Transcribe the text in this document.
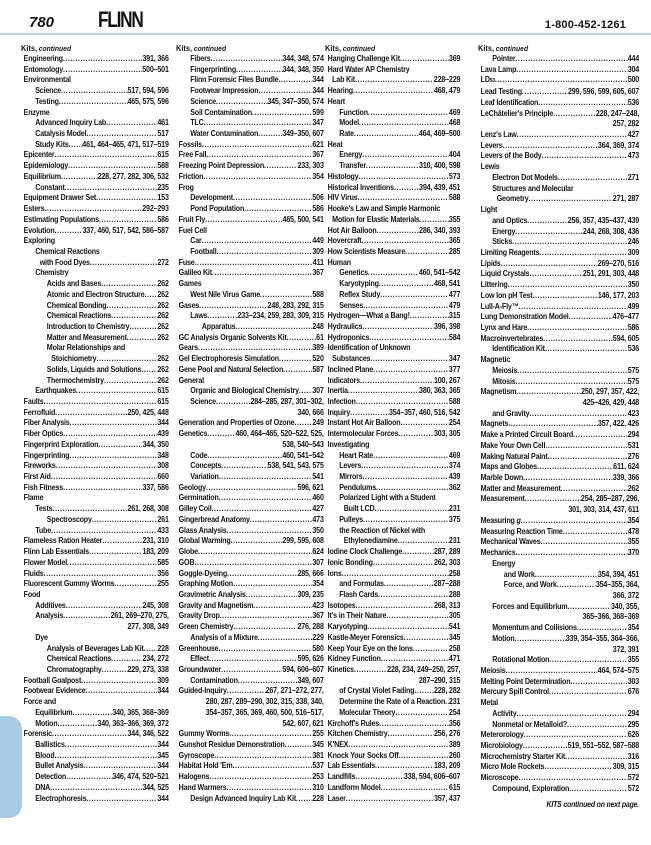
780 FLINN	1-800-452-1261
Kits, continued
Engineering .....	391, 366
Entomology .....	500–501
Environmental
Science .....	517, 594, 596
Testing .....	465, 575, 596
Enzyme
Advanced Inquiry Lab .....	461
Catalysis Model .....	517
Study Kits ..... 461, 464–465, 471, 517–519
Epicenter .....	615
Epidemiology .....	588
Equilibrium .....	228, 277, 282, 306, 532
Constant .....	235
Equipment Drawer Set .....	153
Esters .....	292–293
Estimating Populations .....	586
Evolution .....	337, 460, 517, 542, 586–587
Exploring
Chemical Reactions
with Food Dyes .....	272
Chemistry
Acids and Bases .....	262
Atomic and Electron Structure ..... 262
Chemical Bonding .....	262
Chemical Reactions .....	262
Introduction to Chemistry .....	262
Matter and Measurement .....	262
Molar Relationships and
Stoichiometry .....	262
Solids, Liquids and Solutions ..... 262
Thermochemistry .....	262
Earthquakes .....	615
Faults .....	615
Ferrofluid .....	250, 425, 448
Fiber Analysis .....	344
Fiber Optics .....	439
Fingerprint Exploration .....	344, 350
Fingerprinting .....	348
Fireworks .....	308
First Aid .....	660
Fish Fitness .....	337, 586
Flame
Tests .....	261, 268, 308
Spectroscopy .....	261
Tube .....	433
Flameless Ration Heater .....	231, 310
Flinn Lab Essentials .....	183, 209
Flower Model .....	585
Fluids .....	356
Fluorescent Gummy Worms .....	255
Food
Additives .....	245, 308
Analysis .....	261, 269–270, 275,
277, 308, 349
Dye
Analysis of Beverages Lab Kit ..... 228
Chemical Reactions .....	234, 272
Chromatography .....	229, 273, 338
Football Goalpost .....	309
Footwear Evidence .....	344
Force and
Equilibrium .....	340, 365, 368–369
Motion .....	340, 363–366, 369, 372
Forensic .....	344, 346, 522
Ballistics .....	344
Blood .....	345
Bullet Analysis .....	344
Detection .....	346, 474, 520–521
DNA .....	344, 525
Electrophoresis .....	344
Kits, continued
Fibers .....	344, 348, 574
Fingerprinting .....	344, 348, 350
Flinn Forensic Files Bundle .....	344
Footwear Impression .....	344
Science .....	345, 347–350, 574
Soil Contamination .....	599
TLC .....	347
Water Contamination .....	349–350, 607
Fossils .....	621
Free Fall .....	367
Freezing Point Depression .....	233, 303
Friction .....	354
Frog
Development .....	506
Pond Population .....	586
Fruit Fly .....	465, 500, 541
Fuel Cell
Car .....	449
Football .....	309
Fuse .....	411
Galileo Kit .....	367
Games
West Nile Virus Game .....	588
Gases .....	248, 283, 292, 315
Laws .....	233–234, 259, 283, 309, 315
Apparatus .....	248
GC Analysis Organic Solvents Kit .....	61
Gears .....	389
Gel Electrophoresis Simulation .....	520
Gene Pool and Natural Selection .....	587
General
Organic and Biological Chemistry ..... 307
Science .....	284–285, 287, 301–302,
340, 666
Generation and Properties of Ozone ..... 249
Genetics .....	460, 464–465, 520–522, 525,
538, 540–543
Code .....	460, 541–542
Concepts .....	538, 541, 543, 575
Variation .....	541
Geology .....	596, 621
Germination .....	460
Gilley Coil .....	427
Gingerbread Anatomy .....	473
Glass Analysis .....	350
Global Warming .....	299, 595, 608
Globe .....	624
GOB .....	307
Goggle-Dyeing .....	285, 666
Graphing Motion .....	354
Gravimetric Analysis .....	309, 235
Gravity and Magnetism .....	423
Gravity Drop .....	367
Green Chemistry .....	276, 288
Analysis of a Mixture .....	229
Greenhouse .....	580
Effect .....	595, 626
Groundwater .....	594, 606–607
Contamination .....	349, 607
Guided-Inquiry .....	267, 271–272, 277,
280, 287, 289–290, 302, 315, 338, 340,
354–357, 365, 369, 460, 500, 516–517,
542, 607, 621
Gummy Worms .....	255
Gunshot Residue Demonstration .....	345
Gyroscope .....	381
Habitat Hold 'Em .....	537
Halogens .....	253
Hand Warmers .....	310
Design Advanced Inquiry Lab Kit ..... 228
Kits, continued
Hanging Challenge Kit .....	369
Hard Water AP Chemistry
Lab Kit .....	228–229
Hearing .....	468, 479
Heart
Function .....	469
Model .....	468
Rate .....	464, 469–500
Heat
Energy .....	404
Transfer .....	310, 400, 598
Histology .....	573
Historical Inventions .....	394, 439, 451
HIV Virus .....	588
Hooke's Law and Simple Harmonic
Motion for Elastic Materials .....	355
Hot Air Balloon .....	286, 340, 393
Hovercraft .....	365
How Scientists Measure .....	285
Human
Genetics .....	460, 541–542
Karyotyping .....	468, 541
Reflex Study .....	477
Senses .....	479
Hydrogen—What a Bang! .....	315
Hydraulics .....	396, 398
Hydroponics .....	584
Identification of Unknown
Substances .....	347
Inclined Plane .....	377
Indicators .....	100, 267
Inertia .....	380, 363, 365
Infection .....	588
Inquiry .....	354–357, 460, 516, 542
Instant Hot Air Balloon .....	254
Intermolecular Forces .....	303, 305
Investigating
Heart Rate .....	469
Levers .....	374
Mirrors .....	439
Pendulums .....	362
Polarized Light with a Student
Built LCD .....	231
Pulleys .....	375
the Reaction of Nickel with
Ethylenediamine .....	231
Iodine Clock Challenge .....	287, 289
Ionic Bonding .....	262, 303
Ions .....	258
and Formulas .....	287–288
Flash Cards .....	288
Isotopes .....	268, 313
It's in Their Nature .....	305
Karyotyping .....	541
Kastle-Meyer Forensics .....	345
Keep Your Eye on the Ions .....	258
Kidney Function .....	471
Kinetics .....	228, 234, 249–250, 257,
287–290, 315
of Crystal Violet Fading ..... 228, 282
Determine the Rate of a Reaction ..... 231
Molecular Theory .....	254
Kirchoff's Rules .....	356
Kitchen Chemistry .....	256, 276
K'NEX .....	389
Knock Your Socks Off .....	260
Lab Essentials .....	183, 209
Landfills .....	338, 594, 606–607
Landform Model .....	615
Laser .....	357, 437
Kits, continued
Pointer .....	444
Lava Lamp .....	304
LD 50 .....	500
Lead Testing .....	299, 596, 599, 605, 607
Leaf Identification .....	536
LeChâtelier's Principle .....	228, 247–248,
257, 282
Lenz's Law .....	427
Levers .....	364, 369, 374
Levers of the Body .....	473
Lewis
Electron Dot Models .....	271
Structures and Molecular
Geometry .....	271, 287
Light
and Optics .....	256, 357, 435–437, 439
Energy .....	244, 268, 308, 436
Sticks .....	246
Limiting Reagents .....	309
Lipids .....	269–270, 516
Liquid Crystals .....	251, 291, 303, 448
Littering .....	350
Low Ion pH Test .....	146, 177, 203
Lull-A-Fly™ .....	499
Lung Demonstration Model .....	476–477
Lynx and Hare .....	586
Macroinvertebrates .....	594, 605
Identification Kit .....	536
Magnetic
Meiosis .....	575
Mitosis .....	575
Magnetism .....	250, 297, 357, 422,
425–426, 429, 448
and Gravity .....	423
Magnets .....	357, 422, 426
Make a Printed Circuit Board .....	294
Make Your Own Cell .....	531
Making Natural Paint .....	276
Maps and Globes .....	611, 624
Marble Down .....	339, 366
Matter and Measurement .....	262
Measurement .....	254, 285–287, 296,
301, 303, 314, 437, 611
Measuring g .....	354
Measuring Reaction Time .....	478
Mechanical Waves .....	355
Mechanics .....	370
Energy
and Work .....	354, 394, 451
Force, and Work .....	354–355, 364,
366, 372
Forces and Equilibrium .....	340, 355,
365–366, 368–369
Momentum and Collisions .....	354
Motion .....	339, 354–355, 364–366,
372, 391
Rotational Motion .....	355
Meiosis .....	464, 574–575
Melting Point Determination .....	303
Mercury Spill Control .....	676
Metal
Activity .....	294
Nonmetal or Metalloid? .....	295
Meterorology .....	626
Microbiology .....	519, 551–552, 587–588
Microchemistry Starter Kit .....	316
Micro Mole Rockets .....	309, 315
Microscope .....	572
Compound, Exploration .....	572
KITS continued on next page.
